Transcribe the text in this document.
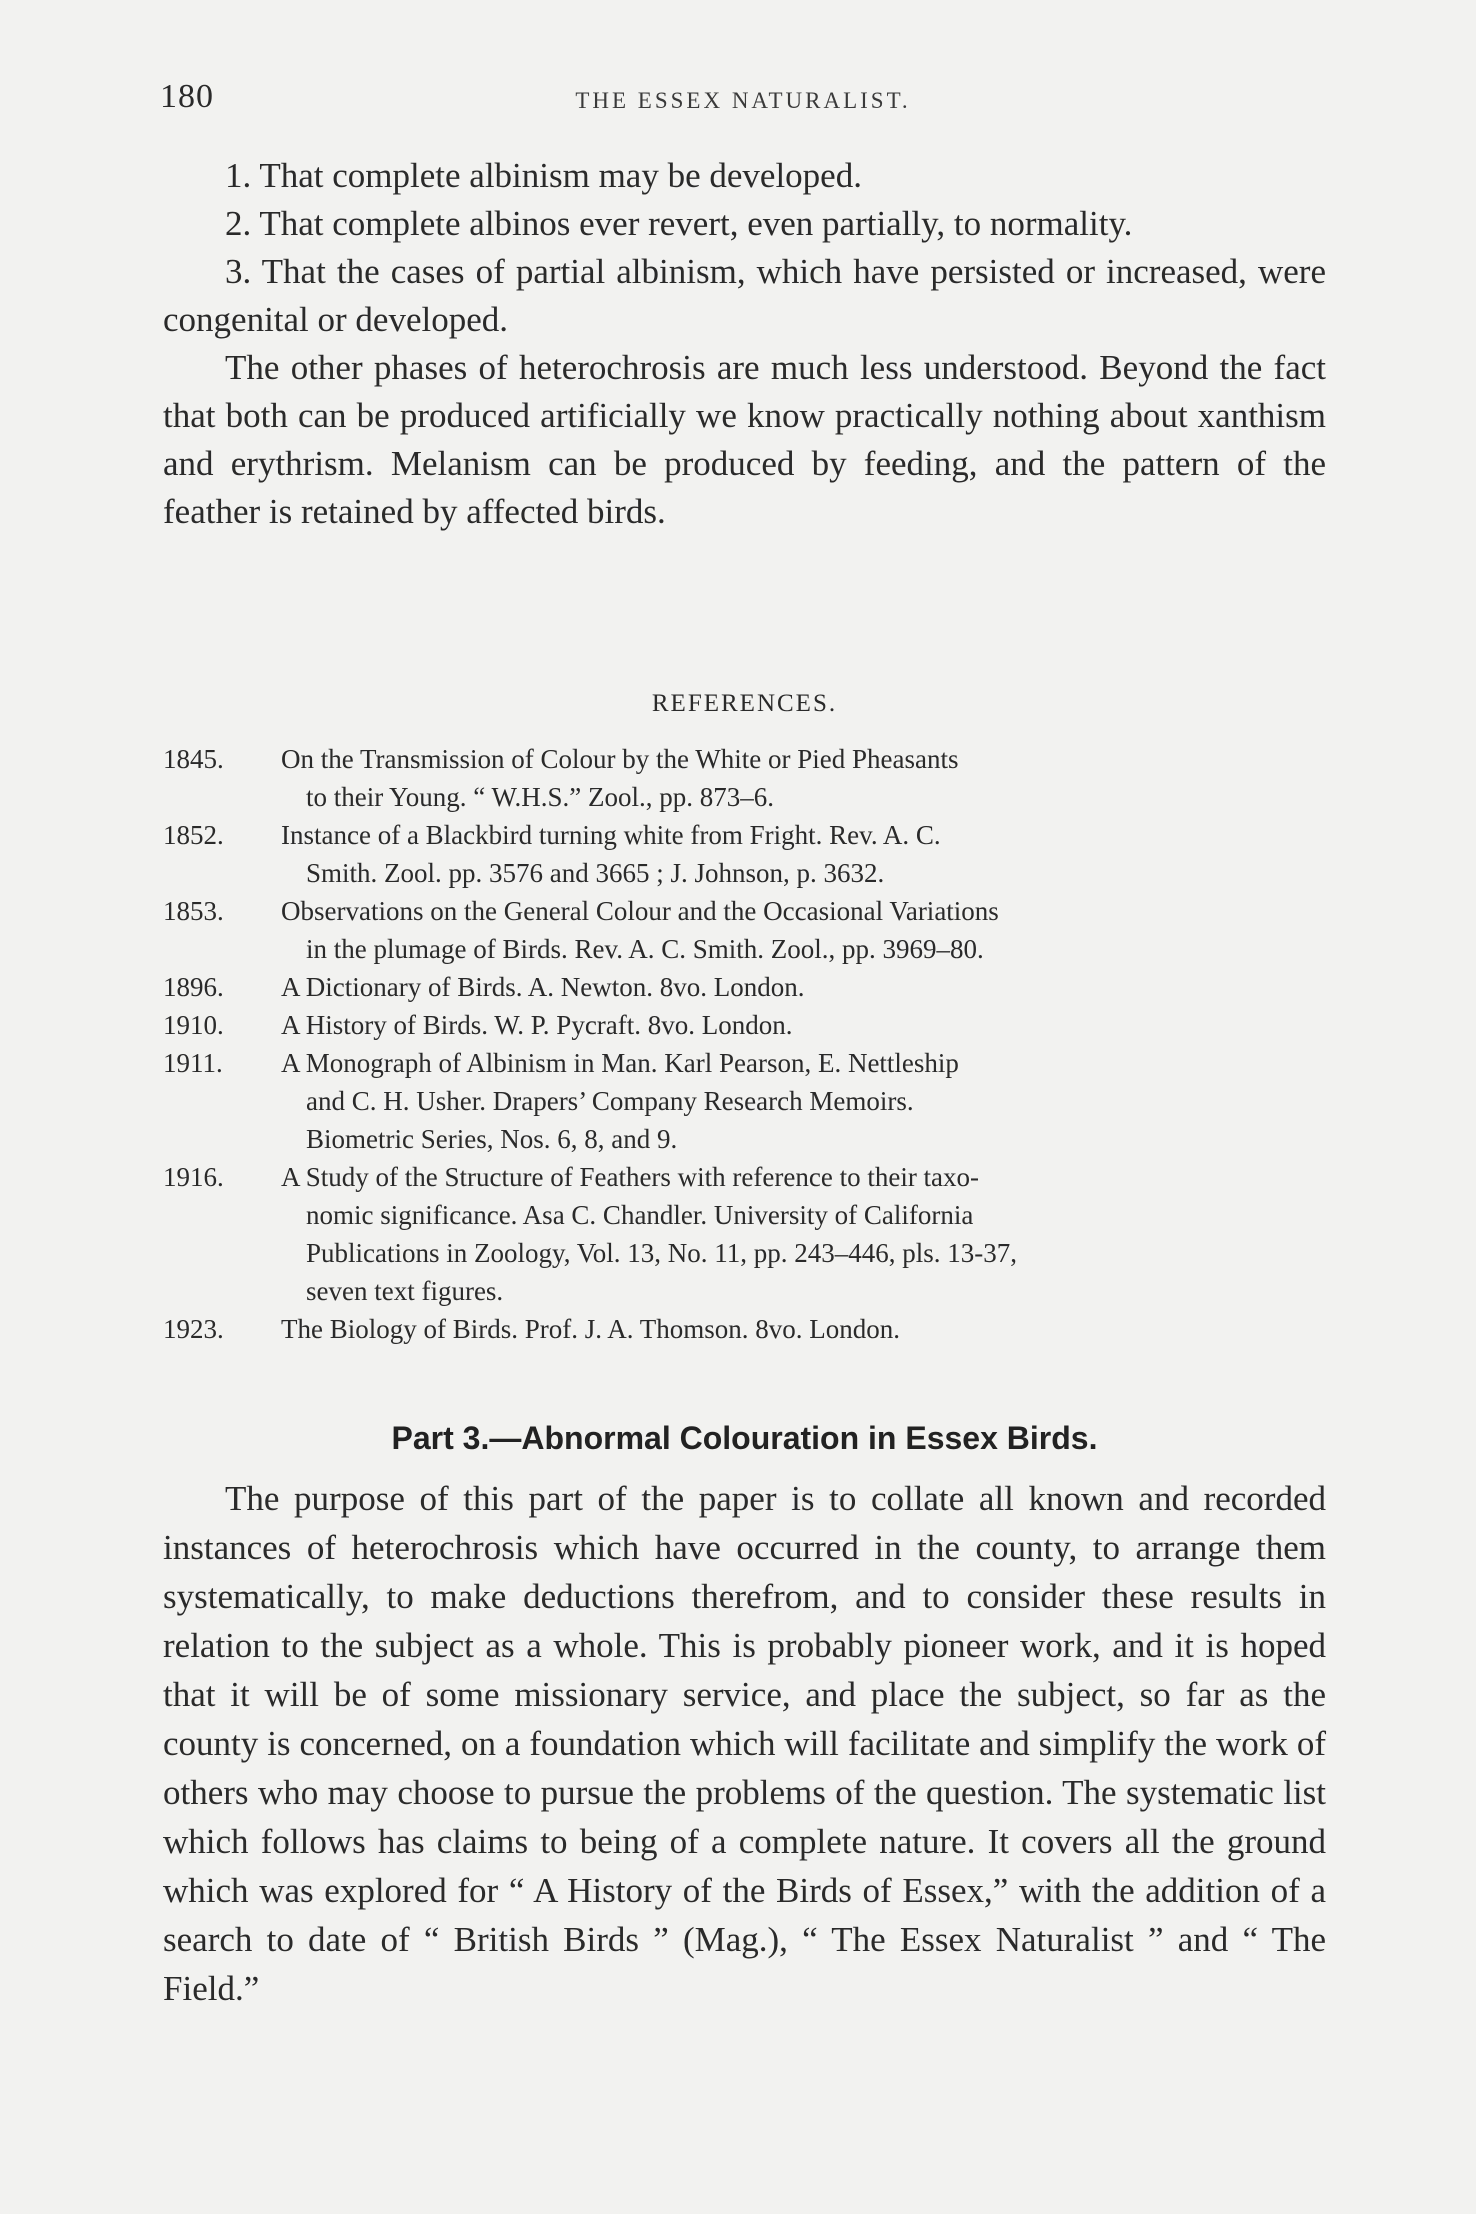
180	THE ESSEX NATURALIST.

1. That complete albinism may be developed.

2. That complete albinos ever revert, even partially, to normality.

3. That the cases of partial albinism, which have persisted or increased, were congenital or developed.

The other phases of heterochrosis are much less understood. Beyond the fact that both can be produced artificially we know practically nothing about xanthism and erythrism. Melanism can be produced by feeding, and the pattern of the feather is retained by affected birds.

REFERENCES.
1845.	On the Transmission of Colour by the White or Pied Pheasants
to their Young. “ W.H.S.” Zool., pp. 873–6.
1852.	Instance of a Blackbird turning white from Fright. Rev. A. C.
Smith. Zool. pp. 3576 and 3665 ; J. Johnson, p. 3632.
1853.	Observations on the General Colour and the Occasional Variations
in the plumage of Birds. Rev. A. C. Smith. Zool., pp. 3969–80.
1896.	A Dictionary of Birds. A. Newton. 8vo. London.
1910.	A History of Birds. W. P. Pycraft. 8vo. London.
1911.	A Monograph of Albinism in Man. Karl Pearson, E. Nettleship
and C. H. Usher. Drapers’ Company Research Memoirs.
Biometric Series, Nos. 6, 8, and 9.
1916.	A Study of the Structure of Feathers with reference to their taxo-
nomic significance. Asa C. Chandler. University of California
Publications in Zoology, Vol. 13, No. 11, pp. 243–446, pls. 13-37,
seven text figures.
1923.	The Biology of Birds. Prof. J. A. Thomson. 8vo. London.
Part 3.—Abnormal Colouration in Essex Birds.
The purpose of this part of the paper is to collate all known and recorded instances of heterochrosis which have occurred in the county, to arrange them systematically, to make deductions therefrom, and to consider these results in relation to the subject as a whole. This is probably pioneer work, and it is hoped that it will be of some missionary service, and place the subject, so far as the county is concerned, on a foundation which will facilitate and simplify the work of others who may choose to pursue the problems of the question. The systematic list which follows has claims to being of a complete nature. It covers all the ground which was explored for “ A History of the Birds of Essex,” with the addition of a search to date of “ British Birds ” (Mag.), “ The Essex Naturalist ” and “ The Field.”
